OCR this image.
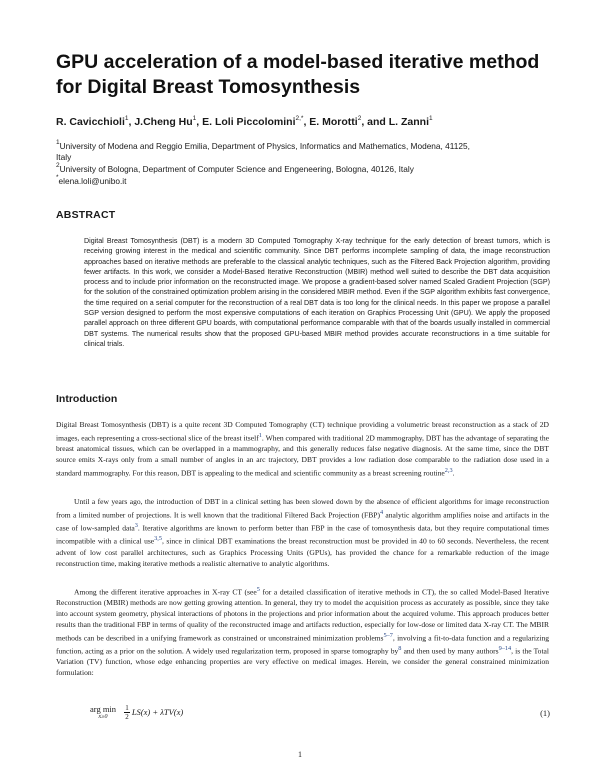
GPU acceleration of a model-based iterative method for Digital Breast Tomosynthesis
R. Cavicchioli$^1$, J.Cheng Hu$^1$, E. Loli Piccolomini$^{2,*}$, E. Morotti$^2$, and L. Zanni$^1$
$^1$University of Modena and Reggio Emilia, Department of Physics, Informatics and Mathematics, Modena, 41125,
Italy
$^2$University of Bologna, Department of Computer Science and Engeneering, Bologna, 40126, Italy
*elena.loli@unibo.it
ABSTRACT

Digital Breast Tomosynthesis (DBT) is a modern 3D Computed Tomography X-ray technique for the early detection of breast tumors, which is receiving growing interest in the medical and scientific community. Since DBT performs incomplete sampling of data, the image reconstruction approaches based on iterative methods are preferable to the classical analytic techniques, such as the Filtered Back Projection algorithm, providing fewer artifacts. In this work, we consider a Model-Based Iterative Reconstruction (MBIR) method well suited to describe the DBT data acquisition process and to include prior information on the reconstructed image. We propose a gradient-based solver named Scaled Gradient Projection (SGP) for the solution of the constrained optimization problem arising in the considered MBIR method. Even if the SGP algorithm exhibits fast convergence, the time required on a serial computer for the reconstruction of a real DBT data is too long for the clinical needs. In this paper we propose a parallel SGP version designed to perform the most expensive computations of each iteration on Graphics Processing Unit (GPU). We apply the proposed parallel approach on three different GPU boards, with computational performance comparable with that of the boards usually installed in commercial DBT systems. The numerical results show that the proposed GPU-based MBIR method provides accurate reconstructions in a time suitable for clinical trials.

Introduction

Digital Breast Tomosynthesis (DBT) is a quite recent 3D Computed Tomography (CT) technique providing a volumetric breast reconstruction as a stack of 2D images, each representing a cross-sectional slice of the breast itself$^1$. When compared with traditional 2D mammography, DBT has the advantage of separating the breast anatomical tissues, which can be overlapped in a mammography, and this generally reduces false negative diagnosis. At the same time, since the DBT source emits X-rays only from a small number of angles in an arc trajectory, DBT provides a low radiation dose comparable to the radiation dose used in a standard mammography. For this reason, DBT is appealing to the medical and scientific community as a breast screening routine$^{2,3}$.

Until a few years ago, the introduction of DBT in a clinical setting has been slowed down by the absence of efficient algorithms for image reconstruction from a limited number of projections. It is well known that the traditional Filtered Back Projection (FBP)$^4$ analytic algorithm amplifies noise and artifacts in the case of low-sampled data$^3$. Iterative algorithms are known to perform better than FBP in the case of tomosynthesis data, but they require computational times incompatible with a clinical use$^{3,5}$, since in clinical DBT examinations the breast reconstruction must be provided in 40 to 60 seconds. Nevertheless, the recent advent of low cost parallel architectures, such as Graphics Processing Units (GPUs), has provided the chance for a remarkable reduction of the image reconstruction time, making iterative methods a realistic alternative to analytic algorithms.

Among the different iterative approaches in X-ray CT (see$^5$ for a detailed classification of iterative methods in CT), the so called Model-Based Iterative Reconstruction (MBIR) methods are now getting growing attention. In general, they try to model the acquisition process as accurately as possible, since they take into account system geometry, physical interactions of photons in the projections and prior information about the acquired volume. This approach produces better results than the traditional FBP in terms of quality of the reconstructed image and artifacts reduction, especially for low-dose or limited data X-ray CT. The MBIR methods can be described in a unifying framework as constrained or unconstrained minimization problems$^{5-7}$, involving a fit-to-data function and a regularizing function, acting as a prior on the solution. A widely used regularization term, proposed in sparse tomography by$^8$ and then used by many authors$^{9-14}$, is the Total Variation (TV) function, whose edge enhancing properties are very effective on medical images. Herein, we consider the general constrained minimization formulation:

arg min
x≥0
	$\frac{1}{2} LS(x) + \lambda TV(x)$	(1)
1
